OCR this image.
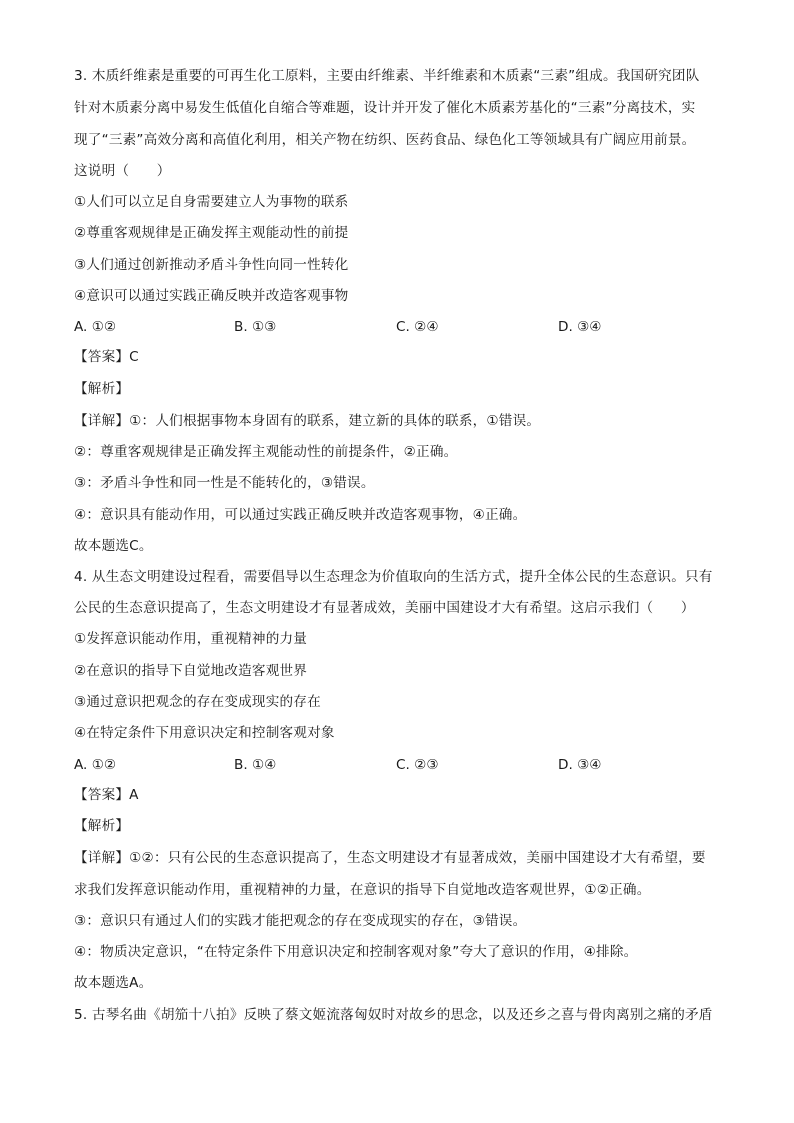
3. 木质纤维素是重要的可再生化工原料，主要由纤维素、半纤维素和木质素“三素”组成。我国研究团队
针对木质素分离中易发生低值化自缩合等难题，设计并开发了催化木质素芳基化的“三素”分离技术，实
现了“三素”高效分离和高值化利用，相关产物在纺织、医药食品、绿色化工等领域具有广阔应用前景。
这说明（　　）
①人们可以立足自身需要建立人为事物的联系
②尊重客观规律是正确发挥主观能动性的前提
③人们通过创新推动矛盾斗争性向同一性转化
④意识可以通过实践正确反映并改造客观事物
A. ①②	B. ①③	C. ②④	D. ③④
【答案】C
【解析】
【详解】①：人们根据事物本身固有的联系，建立新的具体的联系，①错误。
②：尊重客观规律是正确发挥主观能动性的前提条件，②正确。
③：矛盾斗争性和同一性是不能转化的，③错误。
④：意识具有能动作用，可以通过实践正确反映并改造客观事物，④正确。
故本题选C。
4. 从生态文明建设过程看，需要倡导以生态理念为价值取向的生活方式，提升全体公民的生态意识。只有
公民的生态意识提高了，生态文明建设才有显著成效，美丽中国建设才大有希望。这启示我们（　　）
①发挥意识能动作用，重视精神的力量
②在意识的指导下自觉地改造客观世界
③通过意识把观念的存在变成现实的存在
④在特定条件下用意识决定和控制客观对象
A. ①②	B. ①④	C. ②③	D. ③④
【答案】A
【解析】
【详解】①②：只有公民的生态意识提高了，生态文明建设才有显著成效，美丽中国建设才大有希望，要
求我们发挥意识能动作用，重视精神的力量，在意识的指导下自觉地改造客观世界，①②正确。
③：意识只有通过人们的实践才能把观念的存在变成现实的存在，③错误。
④：物质决定意识，“在特定条件下用意识决定和控制客观对象”夸大了意识的作用，④排除。
故本题选A。
5. 古琴名曲《胡笳十八拍》反映了蔡文姬流落匈奴时对故乡的思念，以及还乡之喜与骨肉离别之痛的矛盾
